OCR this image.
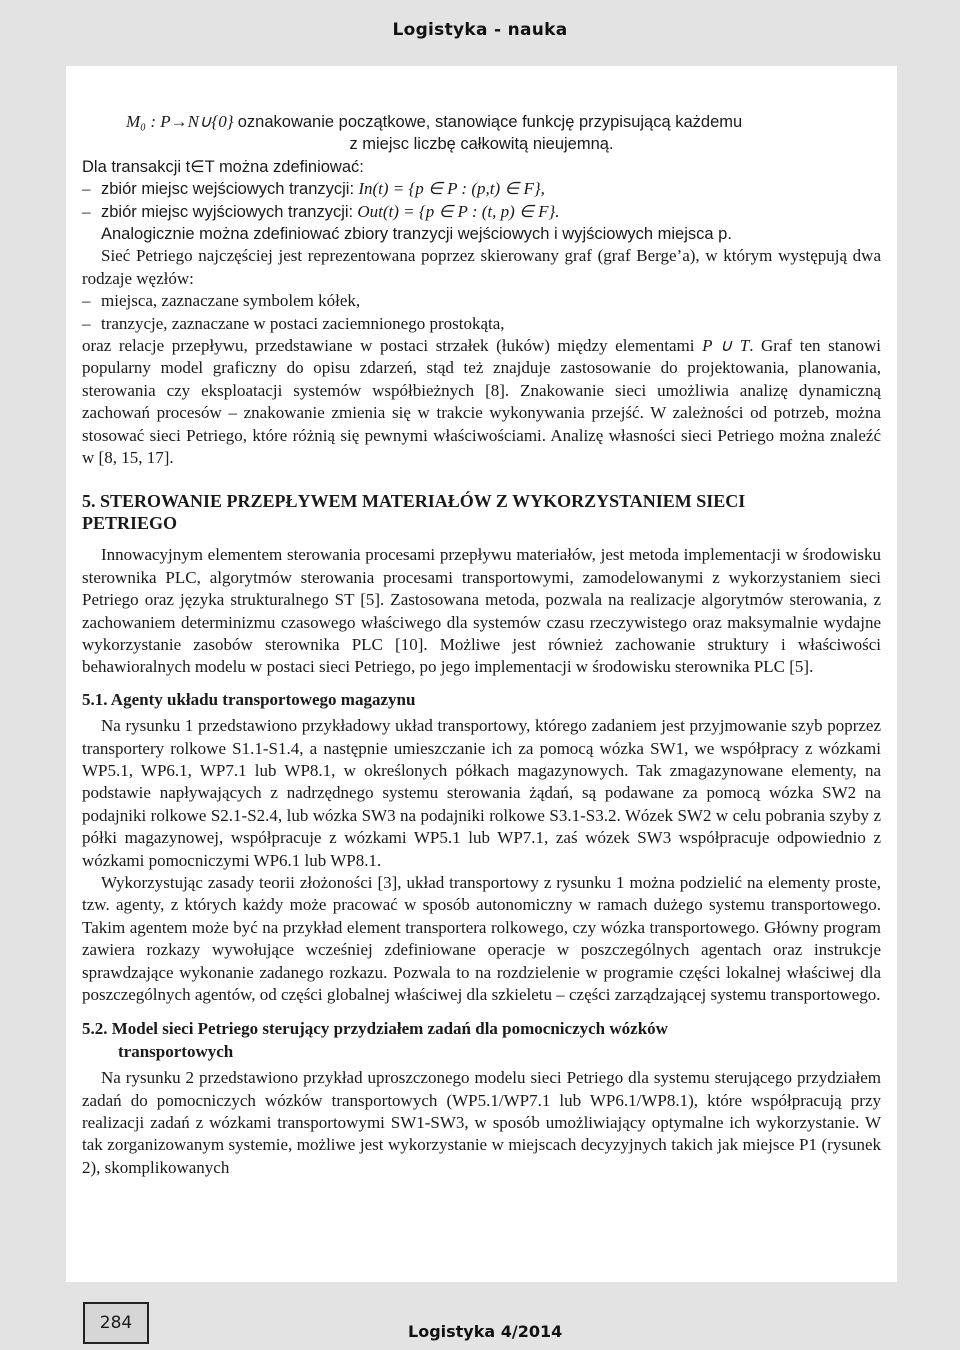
Logistyka - nauka

M₀ : P→N∪{0} oznakowanie początkowe, stanowiące funkcję przypisującą każdemu

z miejsc liczbę całkowitą nieujemną.

Dla transakcji t∈T można zdefiniować:

– zbiór miejsc wejściowych tranzycji: In(t) = {p ∈ P : (p,t) ∈ F},
– zbiór miejsc wyjściowych tranzycji: Out(t) = {p ∈ P : (t, p) ∈ F}.

Analogicznie można zdefiniować zbiory tranzycji wejściowych i wyjściowych miejsca p.

Sieć Petriego najczęściej jest reprezentowana poprzez skierowany graf (graf Berge’a), w którym występują dwa rodzaje węzłów:

– miejsca, zaznaczane symbolem kółek,
– tranzycje, zaznaczane w postaci zaciemnionego prostokąta,

oraz relacje przepływu, przedstawiane w postaci strzałek (łuków) między elementami P ∪ T. Graf ten stanowi popularny model graficzny do opisu zdarzeń, stąd też znajduje zastosowanie do projektowania, planowania, sterowania czy eksploatacji systemów współbieżnych [8]. Znakowanie sieci umożliwia analizę dynamiczną zachowań procesów – znakowanie zmienia się w trakcie wykonywania przejść. W zależności od potrzeb, można stosować sieci Petriego, które różnią się pewnymi właściwościami. Analizę własności sieci Petriego można znaleźć w [8, 15, 17].

5. STEROWANIE PRZEPŁYWEM MATERIAŁÓW Z WYKORZYSTANIEM SIECI
PETRIEGO

Innowacyjnym elementem sterowania procesami przepływu materiałów, jest metoda implementacji w środowisku sterownika PLC, algorytmów sterowania procesami transportowymi, zamodelowanymi z wykorzystaniem sieci Petriego oraz języka strukturalnego ST [5]. Zastosowana metoda, pozwala na realizacje algorytmów sterowania, z zachowaniem determinizmu czasowego właściwego dla systemów czasu rzeczywistego oraz maksymalnie wydajne wykorzystanie zasobów sterownika PLC [10]. Możliwe jest również zachowanie struktury i właściwości behawioralnych modelu w postaci sieci Petriego, po jego implementacji w środowisku sterownika PLC [5].

5.1. Agenty układu transportowego magazynu

Na rysunku 1 przedstawiono przykładowy układ transportowy, którego zadaniem jest przyjmowanie szyb poprzez transportery rolkowe S1.1-S1.4, a następnie umieszczanie ich za pomocą wózka SW1, we współpracy z wózkami WP5.1, WP6.1, WP7.1 lub WP8.1, w określonych półkach magazynowych. Tak zmagazynowane elementy, na podstawie napływających z nadrzędnego systemu sterowania żądań, są podawane za pomocą wózka SW2 na podajniki rolkowe S2.1-S2.4, lub wózka SW3 na podajniki rolkowe S3.1-S3.2. Wózek SW2 w celu pobrania szyby z półki magazynowej, współpracuje z wózkami WP5.1 lub WP7.1, zaś wózek SW3 współpracuje odpowiednio z wózkami pomocniczymi WP6.1 lub WP8.1.

Wykorzystując zasady teorii złożoności [3], układ transportowy z rysunku 1 można podzielić na elementy proste, tzw. agenty, z których każdy może pracować w sposób autonomiczny w ramach dużego systemu transportowego. Takim agentem może być na przykład element transportera rolkowego, czy wózka transportowego. Główny program zawiera rozkazy wywołujące wcześniej zdefiniowane operacje w poszczególnych agentach oraz instrukcje sprawdzające wykonanie zadanego rozkazu. Pozwala to na rozdzielenie w programie części lokalnej właściwej dla poszczególnych agentów, od części globalnej właściwej dla szkieletu – części zarządzającej systemu transportowego.

5.2. Model sieci Petriego sterujący przydziałem zadań dla pomocniczych wózków
transportowych

Na rysunku 2 przedstawiono przykład uproszczonego modelu sieci Petriego dla systemu sterującego przydziałem zadań do pomocniczych wózków transportowych (WP5.1/WP7.1 lub WP6.1/WP8.1), które współpracują przy realizacji zadań z wózkami transportowymi SW1-SW3, w sposób umożliwiający optymalne ich wykorzystanie. W tak zorganizowanym systemie, możliwe jest wykorzystanie w miejscach decyzyjnych takich jak miejsce P1 (rysunek 2), skomplikowanych

284	Logistyka 4/2014
